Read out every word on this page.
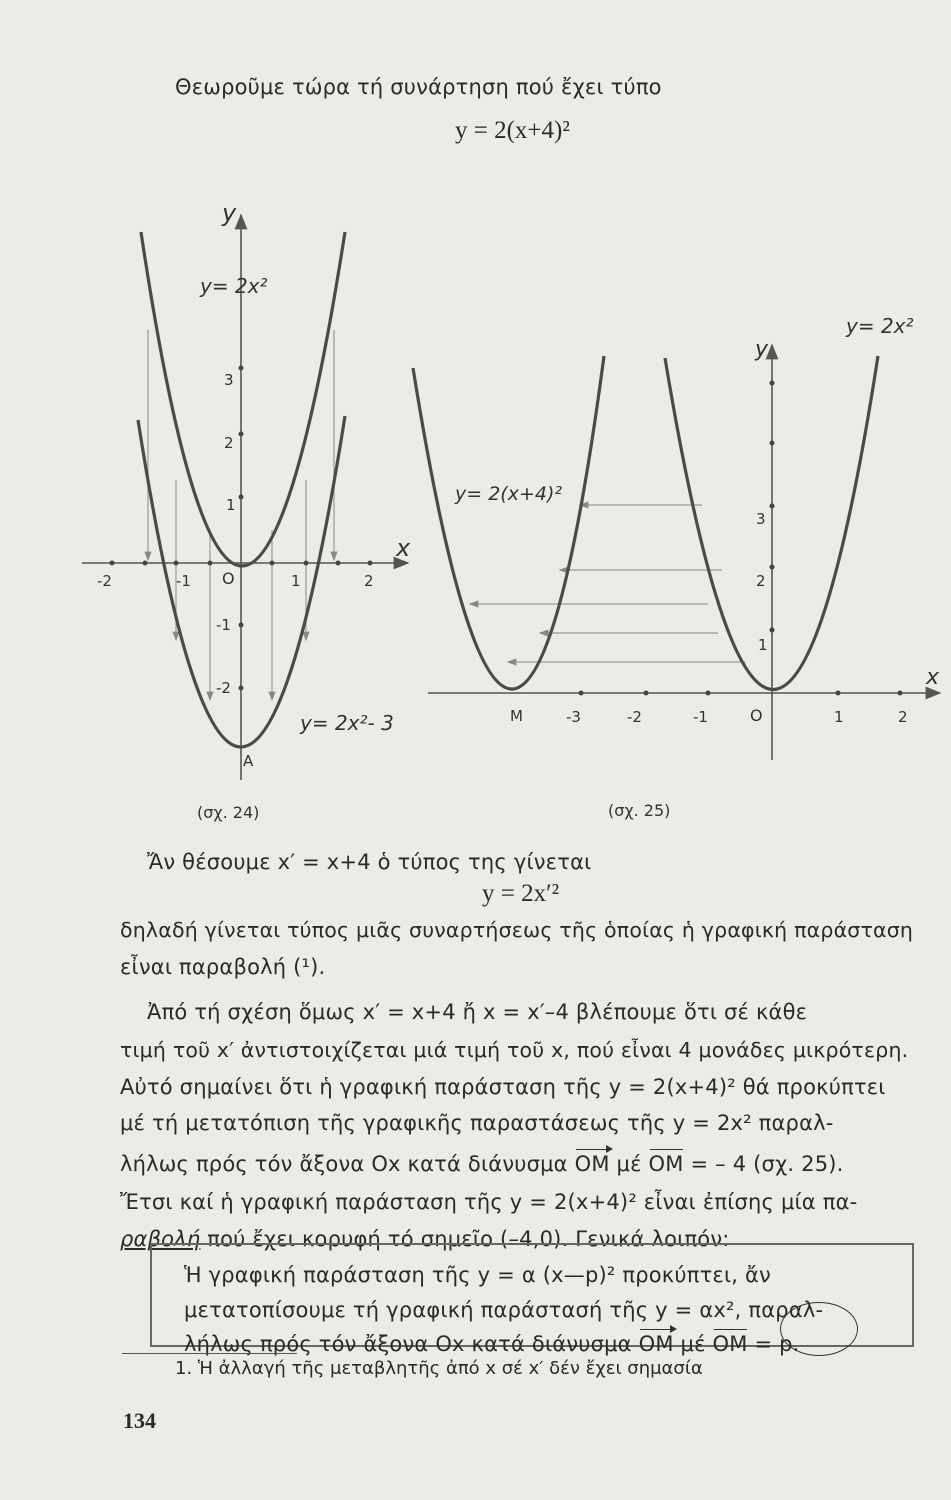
Θεωροῦμε τώρα τή συνάρτηση πού ἔχει τύπο
y = 2(x+4)²
y
x
y= 2x²
y= 2x²- 3
A
O
-2	-1	1	2
3
2
1
-1
-2
(σχ. 24)
y
x
y= 2x²
y= 2(x+4)²
M	O
-3	-2	-1	1	2
3
2
1
(σχ. 25)
Ἄν θέσουμε x′ = x+4 ὁ τύπος της γίνεται
y = 2x′²
δηλαδή γίνεται τύπος μιᾶς συναρτήσεως τῆς ὁποίας ἡ γραφική παράσταση
εἶναι παραβολή (¹).
Ἀπό τή σχέση ὅμως x′ = x+4 ἤ x = x′–4 βλέπουμε ὅτι σέ κάθε
τιμή τοῦ x′ ἀντιστοιχίζεται μιά τιμή τοῦ x, πού εἶναι 4 μονάδες μικρότερη.
Αὐτό σημαίνει ὅτι ἡ γραφική παράσταση τῆς y = 2(x+4)² θά προκύπτει
μέ τή μετατόπιση τῆς γραφικῆς παραστάσεως τῆς y = 2x² παραλ-
λήλως πρός τόν ἄξονα Ox κατά διάνυσμα OM μέ OM = – 4 (σχ. 25).
Ἔτσι καί ἡ γραφική παράσταση τῆς y = 2(x+4)² εἶναι ἐπίσης μία πα-
ραβολή πού ἔχει κορυφή τό σημεῖο (–4,0). Γενικά λοιπόν:
Ἡ γραφική παράσταση τῆς y = α (x—p)² προκύπτει, ἄν
μετατοπίσουμε τή γραφική παράστασή τῆς y = αx², παραλ-
λήλως πρός τόν ἄξονα Ox κατά διάνυσμα OM μέ OM = p.
1. Ἡ ἀλλαγή τῆς μεταβλητῆς ἀπό x σέ x′ δέν ἔχει σημασία
134
